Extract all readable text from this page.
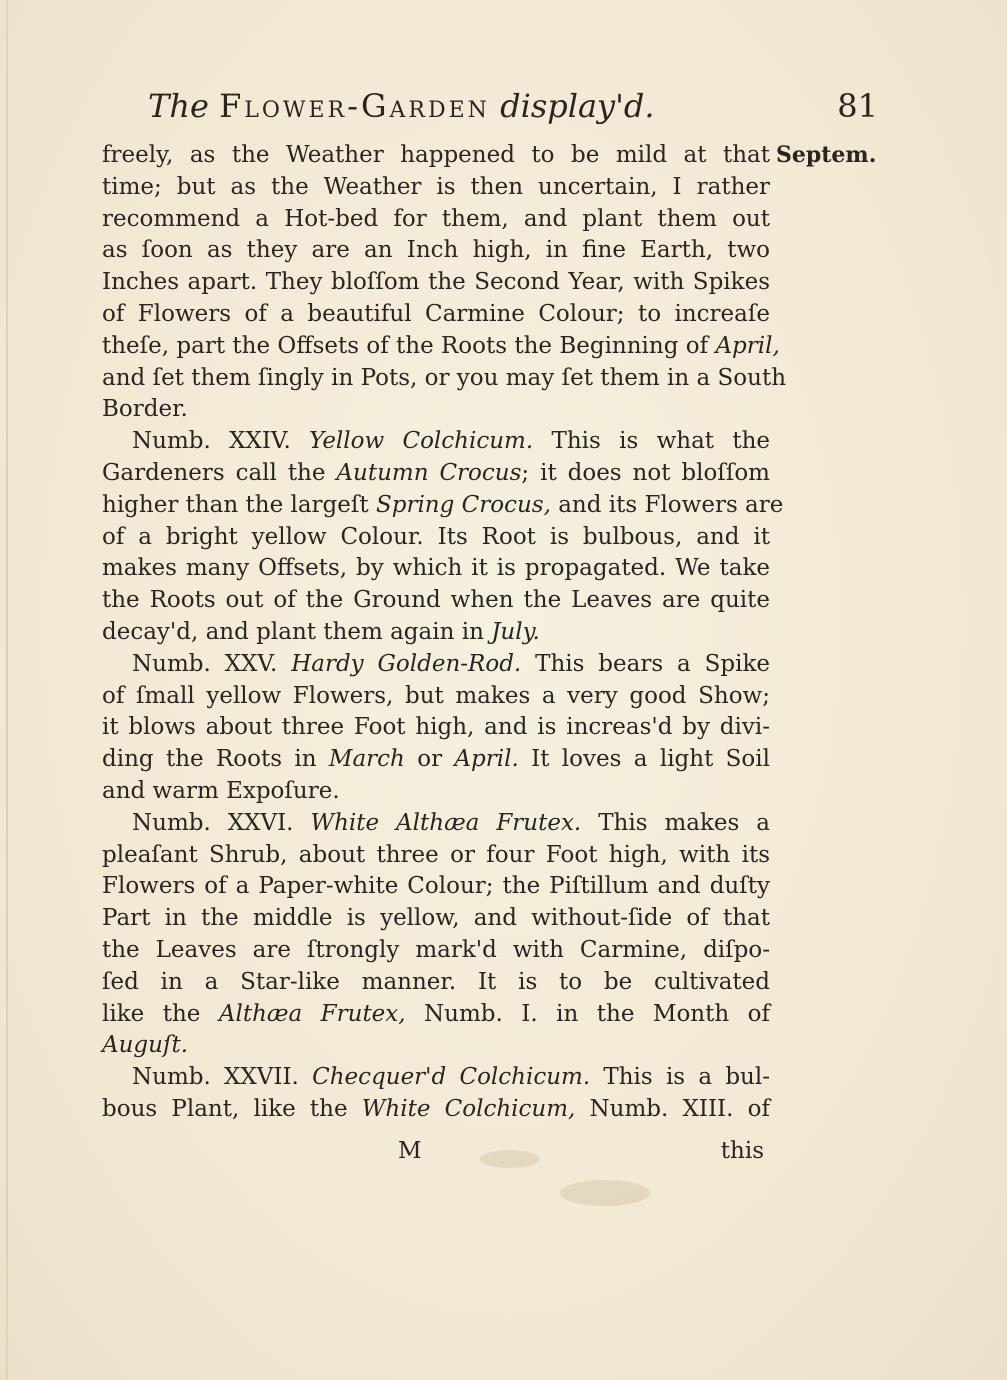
The Flower-Garden display'd.	81
Septem.
freely, as the Weather happened to be mild at that
time; but as the Weather is then uncertain, I rather
recommend a Hot-bed for them, and plant them out
as ſoon as they are an Inch high, in fine Earth, two
Inches apart. They bloſſom the Second Year, with Spikes
of Flowers of a beautiful Carmine Colour; to increaſe
theſe, part the Offsets of the Roots the Beginning of April,
and ſet them ſingly in Pots, or you may ſet them in a South
Border.
Numb. XXIV. Yellow Colchicum. This is what the
Gardeners call the Autumn Crocus; it does not bloſſom
higher than the largeſt Spring Crocus, and its Flowers are
of a bright yellow Colour. Its Root is bulbous, and it
makes many Offsets, by which it is propagated. We take
the Roots out of the Ground when the Leaves are quite
decay'd, and plant them again in July.
Numb. XXV. Hardy Golden-Rod. This bears a Spike
of ſmall yellow Flowers, but makes a very good Show;
it blows about three Foot high, and is increas'd by divi-
ding the Roots in March or April. It loves a light Soil
and warm Expoſure.
Numb. XXVI. White Althæa Frutex. This makes a
pleaſant Shrub, about three or four Foot high, with its
Flowers of a Paper-white Colour; the Piſtillum and duſty
Part in the middle is yellow, and without-ſide of that
the Leaves are ſtrongly mark'd with Carmine, diſpo-
ſed in a Star-like manner. It is to be cultivated
like the Althæa Frutex, Numb. I. in the Month of
Auguſt.
Numb. XXVII. Checquer'd Colchicum. This is a bul-
bous Plant, like the White Colchicum, Numb. XIII. of
M	this
